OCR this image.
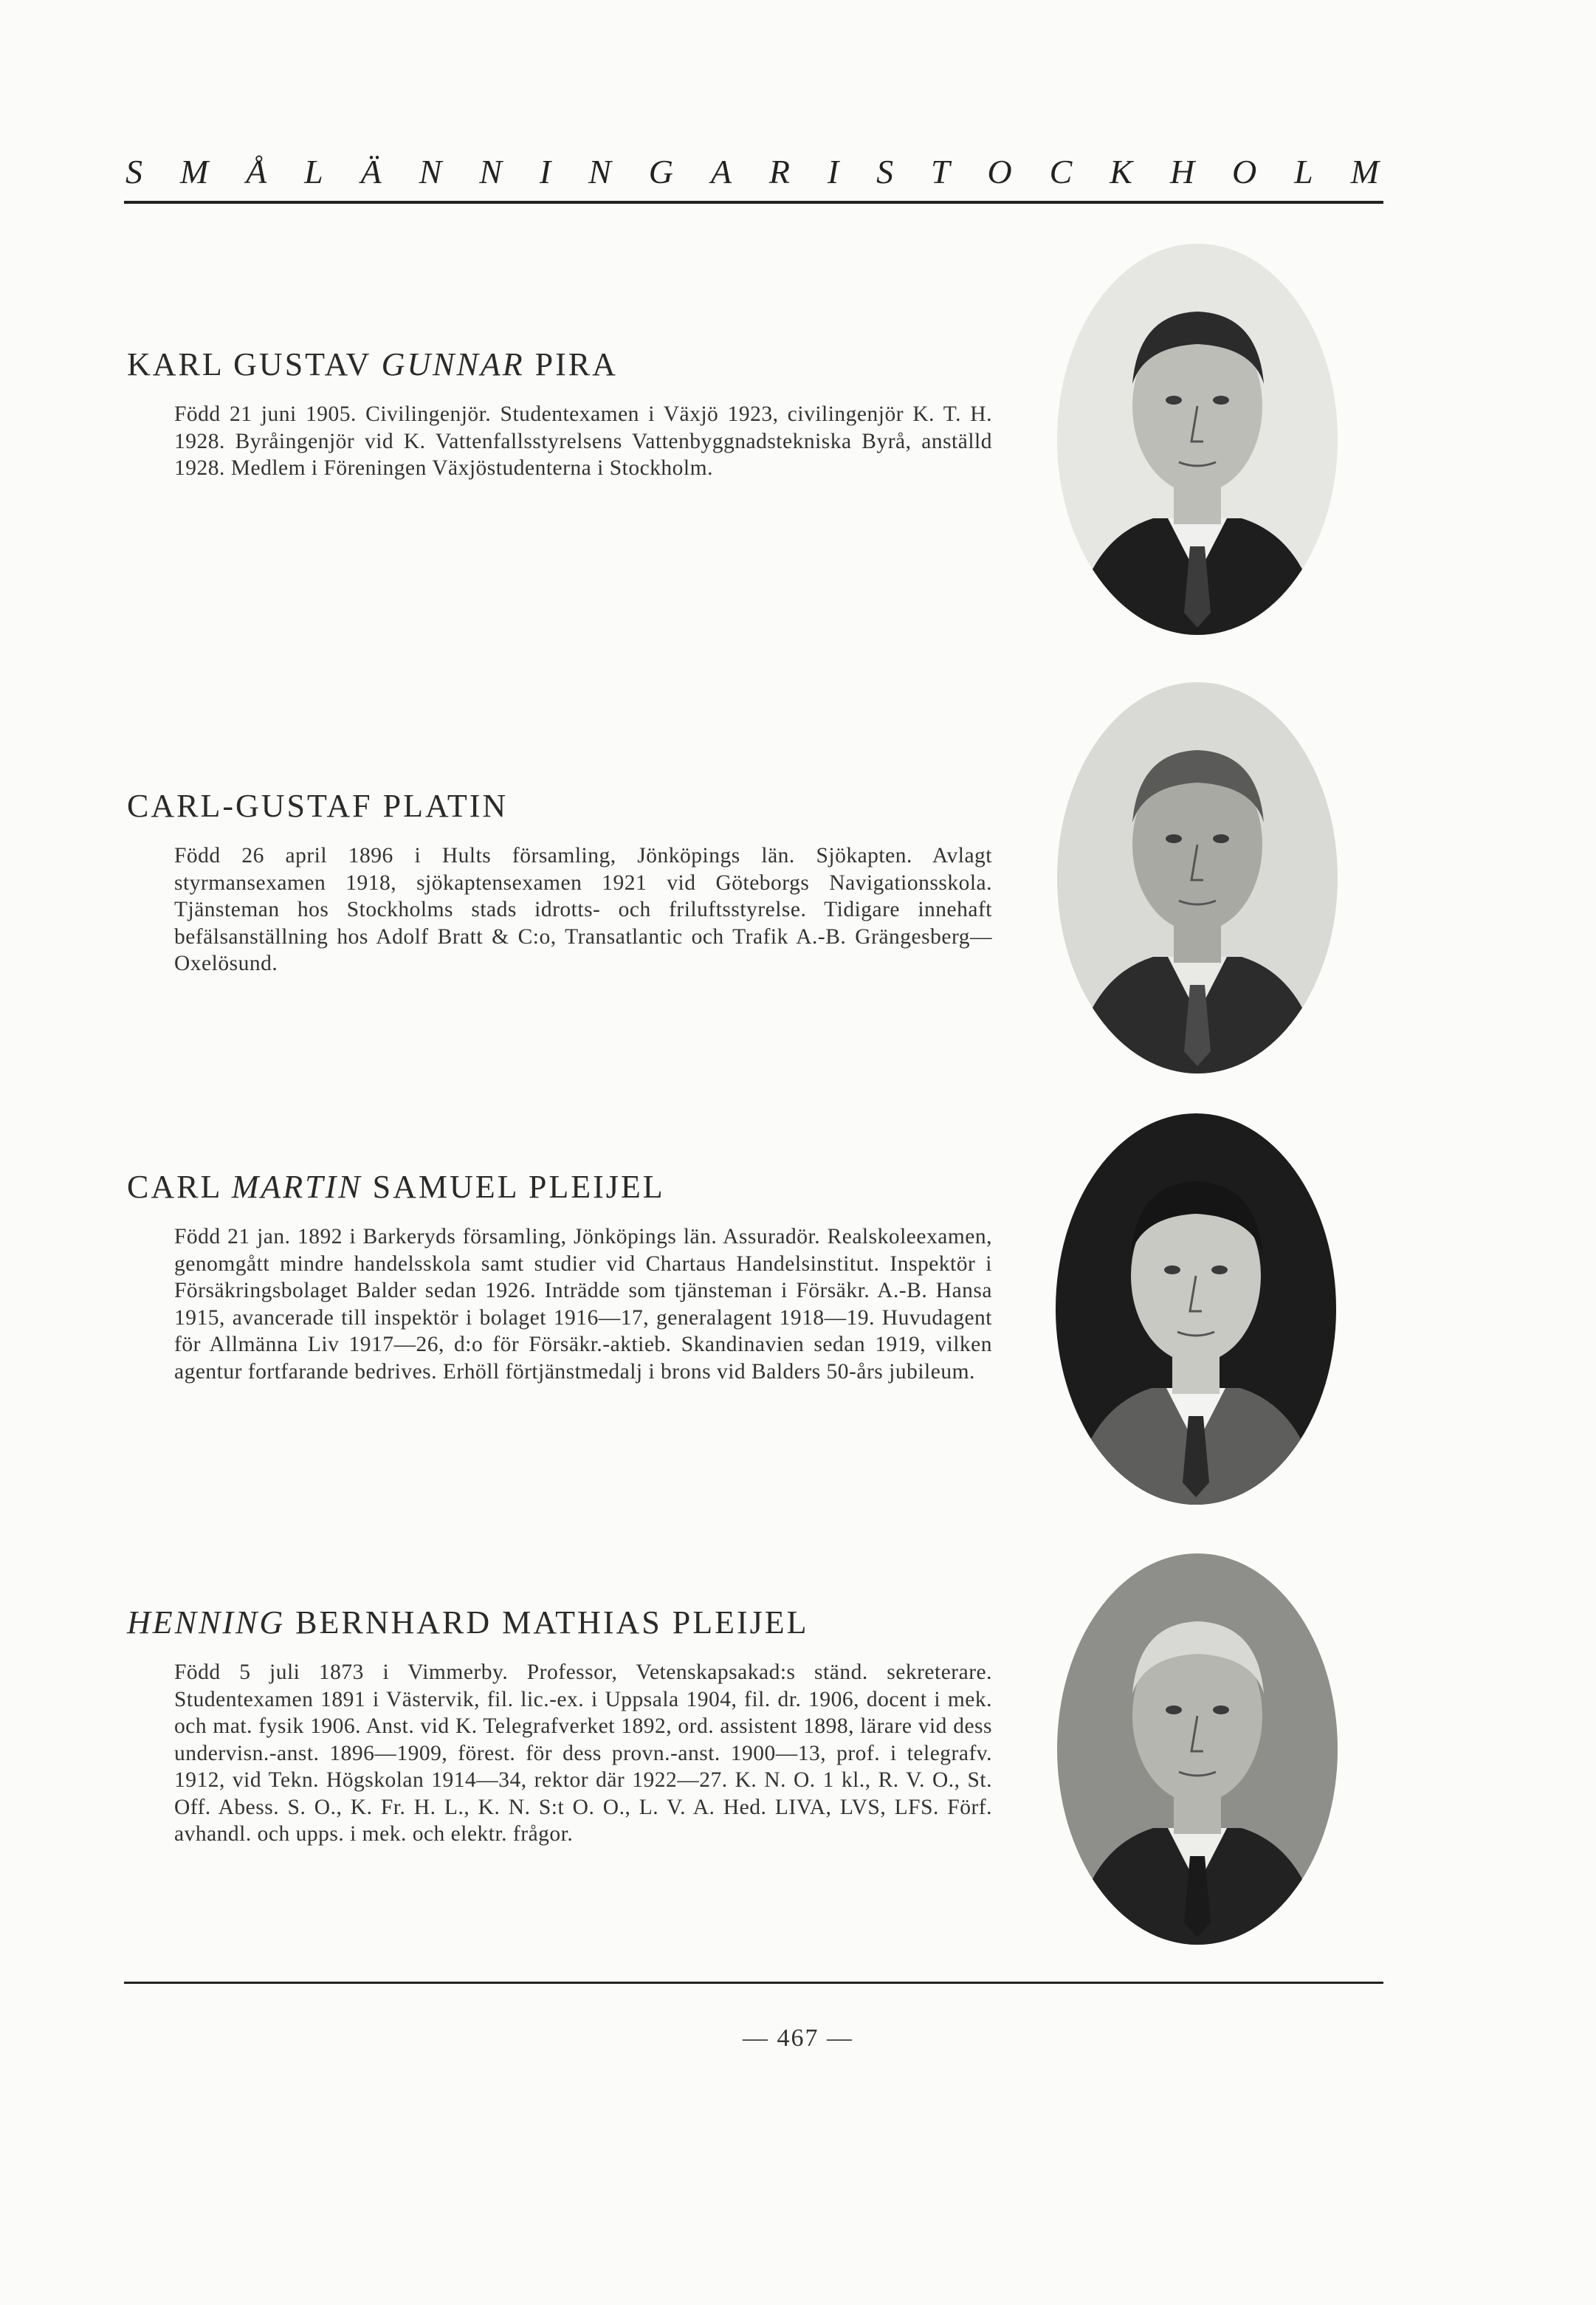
S M Å L Ä N N I N G A R I S T O C K H O L M
KARL GUSTAV GUNNAR PIRA

Född 21 juni 1905. Civilingenjör. Studentexamen i Växjö 1923, civilingenjör K. T. H. 1928. Byråingenjör vid K. Vattenfallsstyrelsens Vattenbyggnadstekniska Byrå, anställd 1928. Medlem i Föreningen Växjöstudenterna i Stockholm.

CARL-GUSTAF PLATIN

Född 26 april 1896 i Hults församling, Jönköpings län. Sjökapten. Avlagt styrmansexamen 1918, sjökaptensexamen 1921 vid Göteborgs Navigationsskola. Tjänsteman hos Stockholms stads idrotts- och friluftsstyrelse. Tidigare innehaft befälsanställning hos Adolf Bratt & C:o, Transatlantic och Trafik A.-B. Grängesberg—Oxelösund.

CARL MARTIN SAMUEL PLEIJEL

Född 21 jan. 1892 i Barkeryds församling, Jönköpings län. Assuradör. Realskoleexamen, genomgått mindre handelsskola samt studier vid Chartaus Handelsinstitut. Inspektör i Försäkringsbolaget Balder sedan 1926. Inträdde som tjänsteman i Försäkr. A.-B. Hansa 1915, avancerade till inspektör i bolaget 1916—17, generalagent 1918—19. Huvudagent för Allmänna Liv 1917—26, d:o för Försäkr.-aktieb. Skandinavien sedan 1919, vilken agentur fortfarande bedrives. Erhöll förtjänstmedalj i brons vid Balders 50-års jubileum.

HENNING BERNHARD MATHIAS PLEIJEL

Född 5 juli 1873 i Vimmerby. Professor, Vetenskapsakad:s ständ. sekreterare. Studentexamen 1891 i Västervik, fil. lic.-ex. i Uppsala 1904, fil. dr. 1906, docent i mek. och mat. fysik 1906. Anst. vid K. Telegrafverket 1892, ord. assistent 1898, lärare vid dess undervisn.-anst. 1896—1909, förest. för dess provn.-anst. 1900—13, prof. i telegrafv. 1912, vid Tekn. Högskolan 1914—34, rektor där 1922—27. K. N. O. 1 kl., R. V. O., St. Off. Abess. S. O., K. Fr. H. L., K. N. S:t O. O., L. V. A. Hed. LIVA, LVS, LFS. Förf. avhandl. och upps. i mek. och elektr. frågor.

— 467 —
